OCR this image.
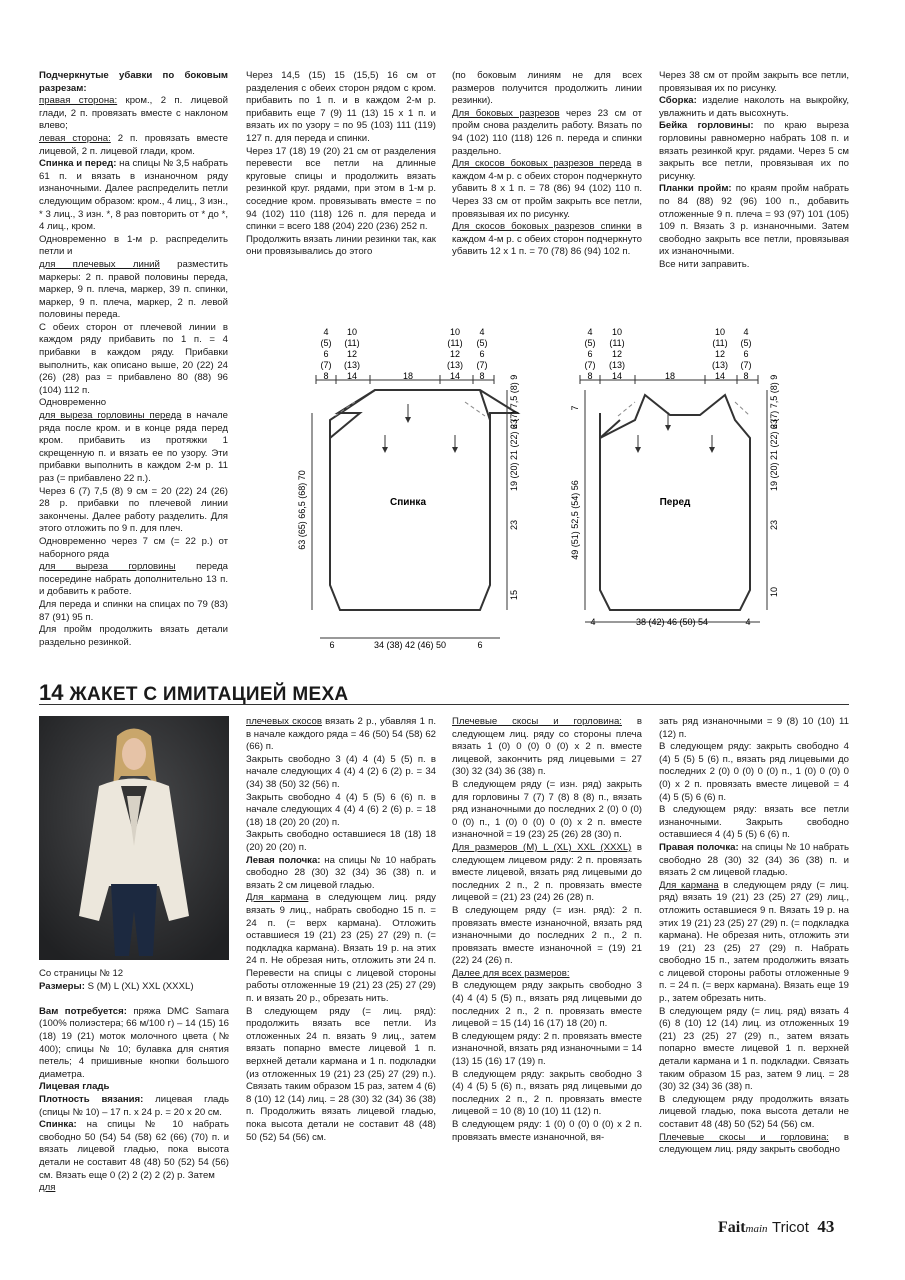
Подчеркнутые убавки по боковым разрезам:

правая сторона: кром., 2 п. лицевой глади, 2 п. провязать вместе с наклоном влево;

левая сторона: 2 п. провязать вместе лицевой, 2 п. лицевой глади, кром.

Спинка и перед: на спицы № 3,5 набрать 61 п. и вязать в изнаночном ряду изнаночными. Далее распределить петли следующим образом: кром., 4 лиц., 3 изн., * 3 лиц., 3 изн. *, 8 раз повторить от * до *, 4 лиц., кром.

Одновременно в 1-м р. распределить петли и

для плечевых линий разместить маркеры: 2 п. правой половины переда, маркер, 9 п. плеча, маркер, 39 п. спинки, маркер, 9 п. плеча, маркер, 2 п. левой половины переда.

С обеих сторон от плечевой линии в каждом ряду прибавить по 1 п. = 4 прибавки в каждом ряду. Прибавки выполнить, как описано выше, 20 (22) 24 (26) (28) раз = прибавлено 80 (88) 96 (104) 112 п.

Одновременно

для выреза горловины переда в начале ряда после кром. и в конце ряда перед кром. прибавить из протяжки 1 скрещенную п. и вязать ее по узору. Эти прибавки выполнить в каждом 2-м р. 11 раз (= прибавлено 22 п.).

Через 6 (7) 7,5 (8) 9 см = 20 (22) 24 (26) 28 р. прибавки по плечевой линии закончены. Далее работу разделить. Для этого отложить по 9 п. для плеч.

Одновременно через 7 см (= 22 р.) от наборного ряда

для выреза горловины переда посередине набрать дополнительно 13 п. и добавить к работе.

Для переда и спинки на спицах по 79 (83) 87 (91) 95 п.

Для пройм продолжить вязать детали раздельно резинкой.

Через 14,5 (15) 15 (15,5) 16 см от разделения с обеих сторон рядом с кром. прибавить по 1 п. и в каждом 2-м р. прибавить еще 7 (9) 11 (13) 15 х 1 п. и вязать их по узору = по 95 (103) 111 (119) 127 п. для переда и спинки.

Через 17 (18) 19 (20) 21 см от разделения перевести все петли на длинные круговые спицы и продолжить вязать резинкой круг. рядами, при этом в 1-м р. соседние кром. провязывать вместе = по 94 (102) 110 (118) 126 п. для переда и спинки = всего 188 (204) 220 (236) 252 п.

Продолжить вязать линии резинки так, как они провязывались до этого

(по боковым линиям не для всех размеров получится продолжить линии резинки).

Для боковых разрезов через 23 см от пройм снова разделить работу. Вязать по 94 (102) 110 (118) 126 п. переда и спинки раздельно.

Для скосов боковых разрезов переда в каждом 4-м р. с обеих сторон подчеркнуто убавить 8 х 1 п. = 78 (86) 94 (102) 110 п. Через 33 см от пройм закрыть все петли, провязывая их по рисунку.

Для скосов боковых разрезов спинки в каждом 4-м р. с обеих сторон подчеркнуто убавить 12 х 1 п. = 70 (78) 86 (94) 102 п.

Через 38 см от пройм закрыть все петли, провязывая их по рисунку.

Сборка: изделие наколоть на выкройку, увлажнить и дать высохнуть.

Бейка горловины: по краю выреза горловины равномерно набрать 108 п. и вязать резинкой круг. рядами. Через 5 см закрыть все петли, провязывая их по рисунку.

Планки пройм: по краям пройм набрать по 84 (88) 92 (96) 100 п., добавить отложенные 9 п. плеча = 93 (97) 101 (105) 109 п. Вязать 3 р. изнаночными. Затем свободно закрыть все петли, провязывая их изнаночными.

Все нити заправить.

Спинка
4
(5)
6
(7)
8
10
(11)
12
(13)
14
10
(11)
12
(13)
14
4
(5)
6
(7)
8
18	6 (7) 7,5 (8) 9
19 (20) 21 (22) 23
23
15
63 (65) 66,5 (68) 70
6	34 (38) 42 (46) 50	6
Перед
4
(5)
6
(7)
8
10
(11)
12
(13)
14
10
(11)
12
(13)
14
4
(5)
6
(7)
8
18
7
49 (51) 52,5 (54) 56
6 (7) 7,5 (8) 9
19 (20) 21 (22) 23
23
10
4	38 (42) 46 (50) 54	4
14 ЖАКЕТ С ИМИТАЦИЕЙ МЕХА

Со страницы № 12

Размеры: S (M) L (XL) XXL (XXXL)

Вам потребуется: пряжа DMC Samara (100% полиэстера; 66 м/100 г) – 14 (15) 16 (18) 19 (21) моток молочного цвета (№ 400); спицы № 10; булавка для снятия петель; 4 пришивные кнопки большого диаметра.

Лицевая гладь

Плотность вязания: лицевая гладь (спицы № 10) – 17 п. х 24 р. = 20 х 20 см.

Спинка: на спицы № 10 набрать свободно 50 (54) 54 (58) 62 (66) (70) п. и вязать лицевой гладью, пока высота детали не составит 48 (48) 50 (52) 54 (56) см. Вязать еще 0 (2) 2 (2) 2 (2) р. Затем

для

плечевых скосов вязать 2 р., убавляя 1 п. в начале каждого ряда = 46 (50) 54 (58) 62 (66) п.

Закрыть свободно 3 (4) 4 (4) 5 (5) п. в начале следующих 4 (4) 4 (2) 6 (2) р. = 34 (34) 38 (50) 32 (56) п.

Закрыть свободно 4 (4) 5 (5) 6 (6) п. в начале следующих 4 (4) 4 (6) 2 (6) р. = 18 (18) 18 (20) 20 (20) п.

Закрыть свободно оставшиеся 18 (18) 18 (20) 20 (20) п.

Левая полочка: на спицы № 10 набрать свободно 28 (30) 32 (34) 36 (38) п. и вязать 2 см лицевой гладью.

Для кармана в следующем лиц. ряду вязать 9 лиц., набрать свободно 15 п. = 24 п. (= верх кармана). Отложить оставшиеся 19 (21) 23 (25) 27 (29) п. (= подкладка кармана). Вязать 19 р. на этих 24 п. Не обрезая нить, отложить эти 24 п. Перевести на спицы с лицевой стороны работы отложенные 19 (21) 23 (25) 27 (29) п. и вязать 20 р., обрезать нить.

В следующем ряду (= лиц. ряд): продолжить вязать все петли. Из отложенных 24 п. вязать 9 лиц., затем вязать попарно вместе лицевой 1 п. верхней детали кармана и 1 п. подкладки (из отложенных 19 (21) 23 (25) 27 (29) п.). Связать таким образом 15 раз, затем 4 (6) 8 (10) 12 (14) лиц. = 28 (30) 32 (34) 36 (38) п. Продолжить вязать лицевой гладью, пока высота детали не составит 48 (48) 50 (52) 54 (56) см.

Плечевые скосы и горловина: в следующем лиц. ряду со стороны плеча вязать 1 (0) 0 (0) 0 (0) х 2 п. вместе лицевой, закончить ряд лицевыми = 27 (30) 32 (34) 36 (38) п.

В следующем ряду (= изн. ряд) закрыть для горловины 7 (7) 7 (8) 8 (8) п., вязать ряд изнаночными до последних 2 (0) 0 (0) 0 (0) п., 1 (0) 0 (0) 0 (0) х 2 п. вместе изнаночной = 19 (23) 25 (26) 28 (30) п.

Для размеров (M) L (XL) XXL (XXXL) в следующем лицевом ряду: 2 п. провязать вместе лицевой, вязать ряд лицевыми до последних 2 п., 2 п. провязать вместе лицевой = (21) 23 (24) 26 (28) п.

В следующем ряду (= изн. ряд): 2 п. провязать вместе изнаночной, вязать ряд изнаночными до последних 2 п., 2 п. провязать вместе изнаночной = (19) 21 (22) 24 (26) п.

Далее для всех размеров:

В следующем ряду закрыть свободно 3 (4) 4 (4) 5 (5) п., вязать ряд лицевыми до последних 2 п., 2 п. провязать вместе лицевой = 15 (14) 16 (17) 18 (20) п.

В следующем ряду: 2 п. провязать вместе изнаночной, вязать ряд изнаночными = 14 (13) 15 (16) 17 (19) п.

В следующем ряду: закрыть свободно 3 (4) 4 (5) 5 (6) п., вязать ряд лицевыми до последних 2 п., 2 п. провязать вместе лицевой = 10 (8) 10 (10) 11 (12) п.

В следующем ряду: 1 (0) 0 (0) 0 (0) х 2 п. провязать вместе изнаночной, вя-

зать ряд изнаночными = 9 (8) 10 (10) 11 (12) п.

В следующем ряду: закрыть свободно 4 (4) 5 (5) 5 (6) п., вязать ряд лицевыми до последних 2 (0) 0 (0) 0 (0) п., 1 (0) 0 (0) 0 (0) х 2 п. провязать вместе лицевой = 4 (4) 5 (5) 6 (6) п.

В следующем ряду: вязать все петли изнаночными. Закрыть свободно оставшиеся 4 (4) 5 (5) 6 (6) п.

Правая полочка: на спицы № 10 набрать свободно 28 (30) 32 (34) 36 (38) п. и вязать 2 см лицевой гладью.

Для кармана в следующем ряду (= лиц. ряд) вязать 19 (21) 23 (25) 27 (29) лиц., отложить оставшиеся 9 п. Вязать 19 р. на этих 19 (21) 23 (25) 27 (29) п. (= подкладка кармана). Не обрезая нить, отложить эти 19 (21) 23 (25) 27 (29) п. Набрать свободно 15 п., затем продолжить вязать с лицевой стороны работы отложенные 9 п. = 24 п. (= верх кармана). Вязать еще 19 р., затем обрезать нить.

В следующем ряду (= лиц. ряд) вязать 4 (6) 8 (10) 12 (14) лиц. из отложенных 19 (21) 23 (25) 27 (29) п., затем вязать попарно вместе лицевой 1 п. верхней детали кармана и 1 п. подкладки. Связать таким образом 15 раз, затем 9 лиц. = 28 (30) 32 (34) 36 (38) п.

В следующем ряду продолжить вязать лицевой гладью, пока высота детали не составит 48 (48) 50 (52) 54 (56) см.

Плечевые скосы и горловина: в следующем лиц. ряду закрыть свободно

Faitmain Tricot 43
